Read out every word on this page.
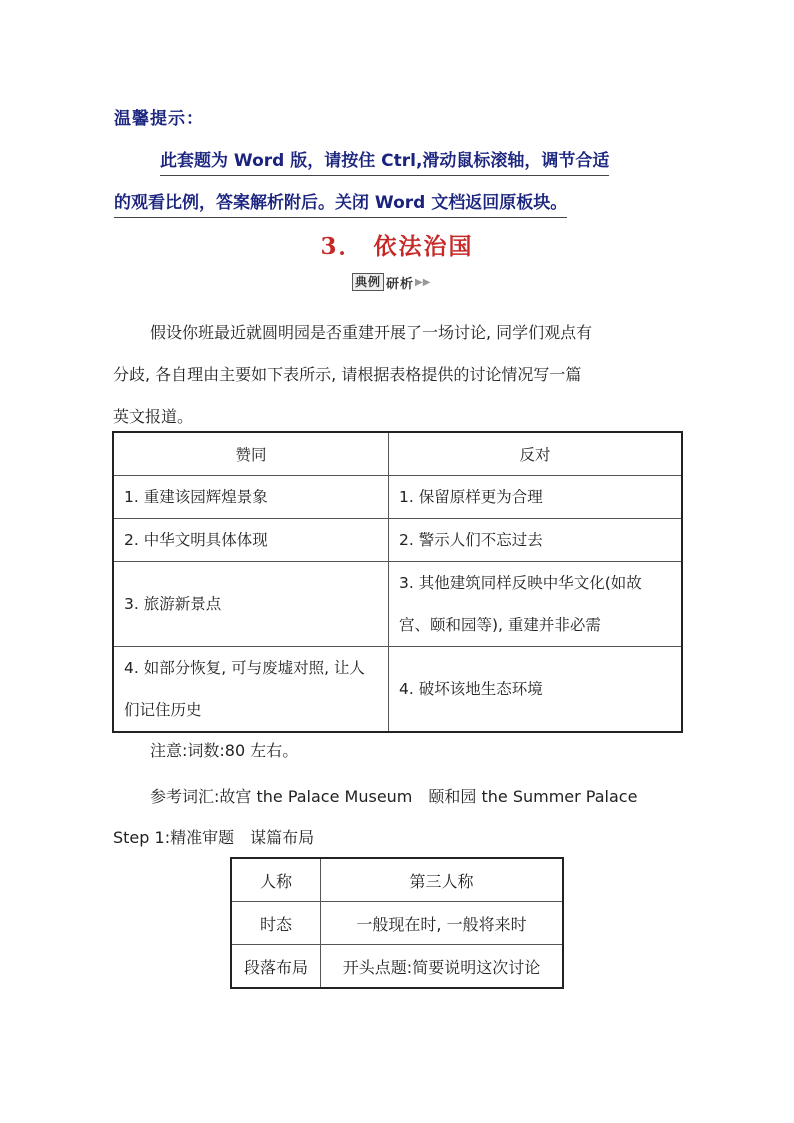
温馨提示：
此套题为 Word 版，请按住 Ctrl,滑动鼠标滚轴，调节合适
的观看比例，答案解析附后。关闭 Word 文档返回原板块。
3． 依法治国
典例 研析 ▶▶
假设你班最近就圆明园是否重建开展了一场讨论, 同学们观点有
分歧, 各自理由主要如下表所示, 请根据表格提供的讨论情况写一篇
英文报道。
赞同	反对
1. 重建该园辉煌景象	1. 保留原样更为合理
2. 中华文明具体体现	2. 警示人们不忘过去
3. 旅游新景点	3. 其他建筑同样反映中华文化(如故宫、颐和园等), 重建并非必需
4. 如部分恢复, 可与废墟对照, 让人们记住历史	4. 破坏该地生态环境
注意:词数:80 左右。
参考词汇:故宫 the Palace Museum　颐和园 the Summer Palace
Step 1:精准审题　谋篇布局
人称	第三人称
时态	一般现在时, 一般将来时
段落布局	开头点题:简要说明这次讨论
